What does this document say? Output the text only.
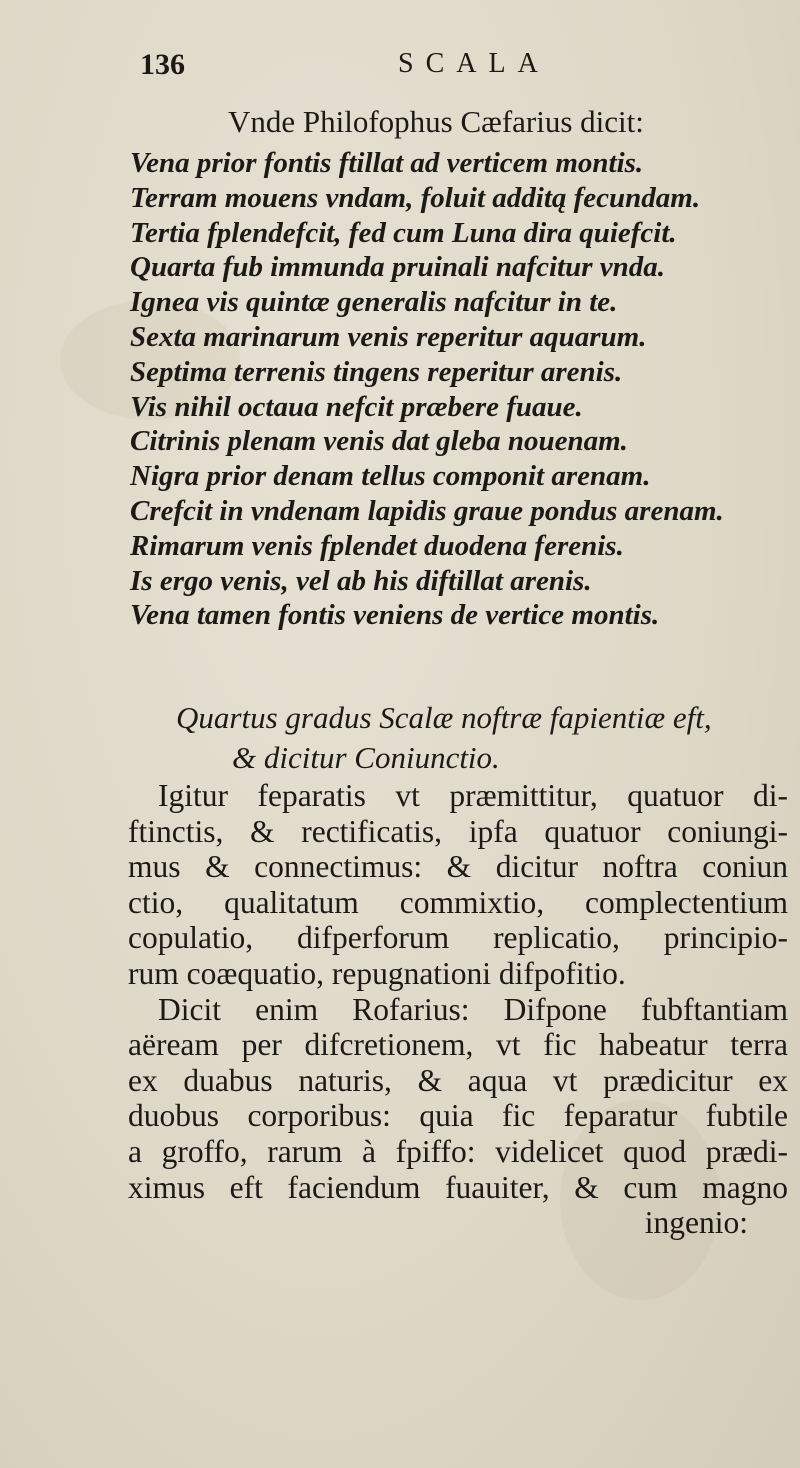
136	SCALA
Vnde Philofophus Cæfarius dicit:
Vena prior fontis ftillat ad verticem montis.
Terram mouens vndam, foluit additą fecundam.
Tertia fplendefcit, fed cum Luna dira quiefcit.
Quarta fub immunda pruinali nafcitur vnda.
Ignea vis quintæ generalis nafcitur in te.
Sexta marinarum venis reperitur aquarum.
Septima terrenis tingens reperitur arenis.
Vis nihil octaua nefcit præbere fuaue.
Citrinis plenam venis dat gleba nouenam.
Nigra prior denam tellus componit arenam.
Crefcit in vndenam lapidis graue pondus arenam.
Rimarum venis fplendet duodena ferenis.
Is ergo venis, vel ab his diftillat arenis.
Vena tamen fontis veniens de vertice montis.
Quartus gradus Scalæ noftræ fapientiæ eft,
& dicitur Coniunctio.
Igitur feparatis vt præmittitur, quatuor di-
ftinctis, & rectificatis, ipfa quatuor coniungi-
mus & connectimus: & dicitur noftra coniun
ctio, qualitatum commixtio, complectentium
copulatio, difperforum replicatio, principio-
rum coæquatio, repugnationi difpofitio.
Dicit enim Rofarius: Difpone fubftantiam
aëream per difcretionem, vt fic habeatur terra
ex duabus naturis, & aqua vt prædicitur ex
duobus corporibus: quia fic feparatur fubtile
a groffo, rarum à fpiffo: videlicet quod prædi-
ximus eft faciendum fuauiter, & cum magno
ingenio:
